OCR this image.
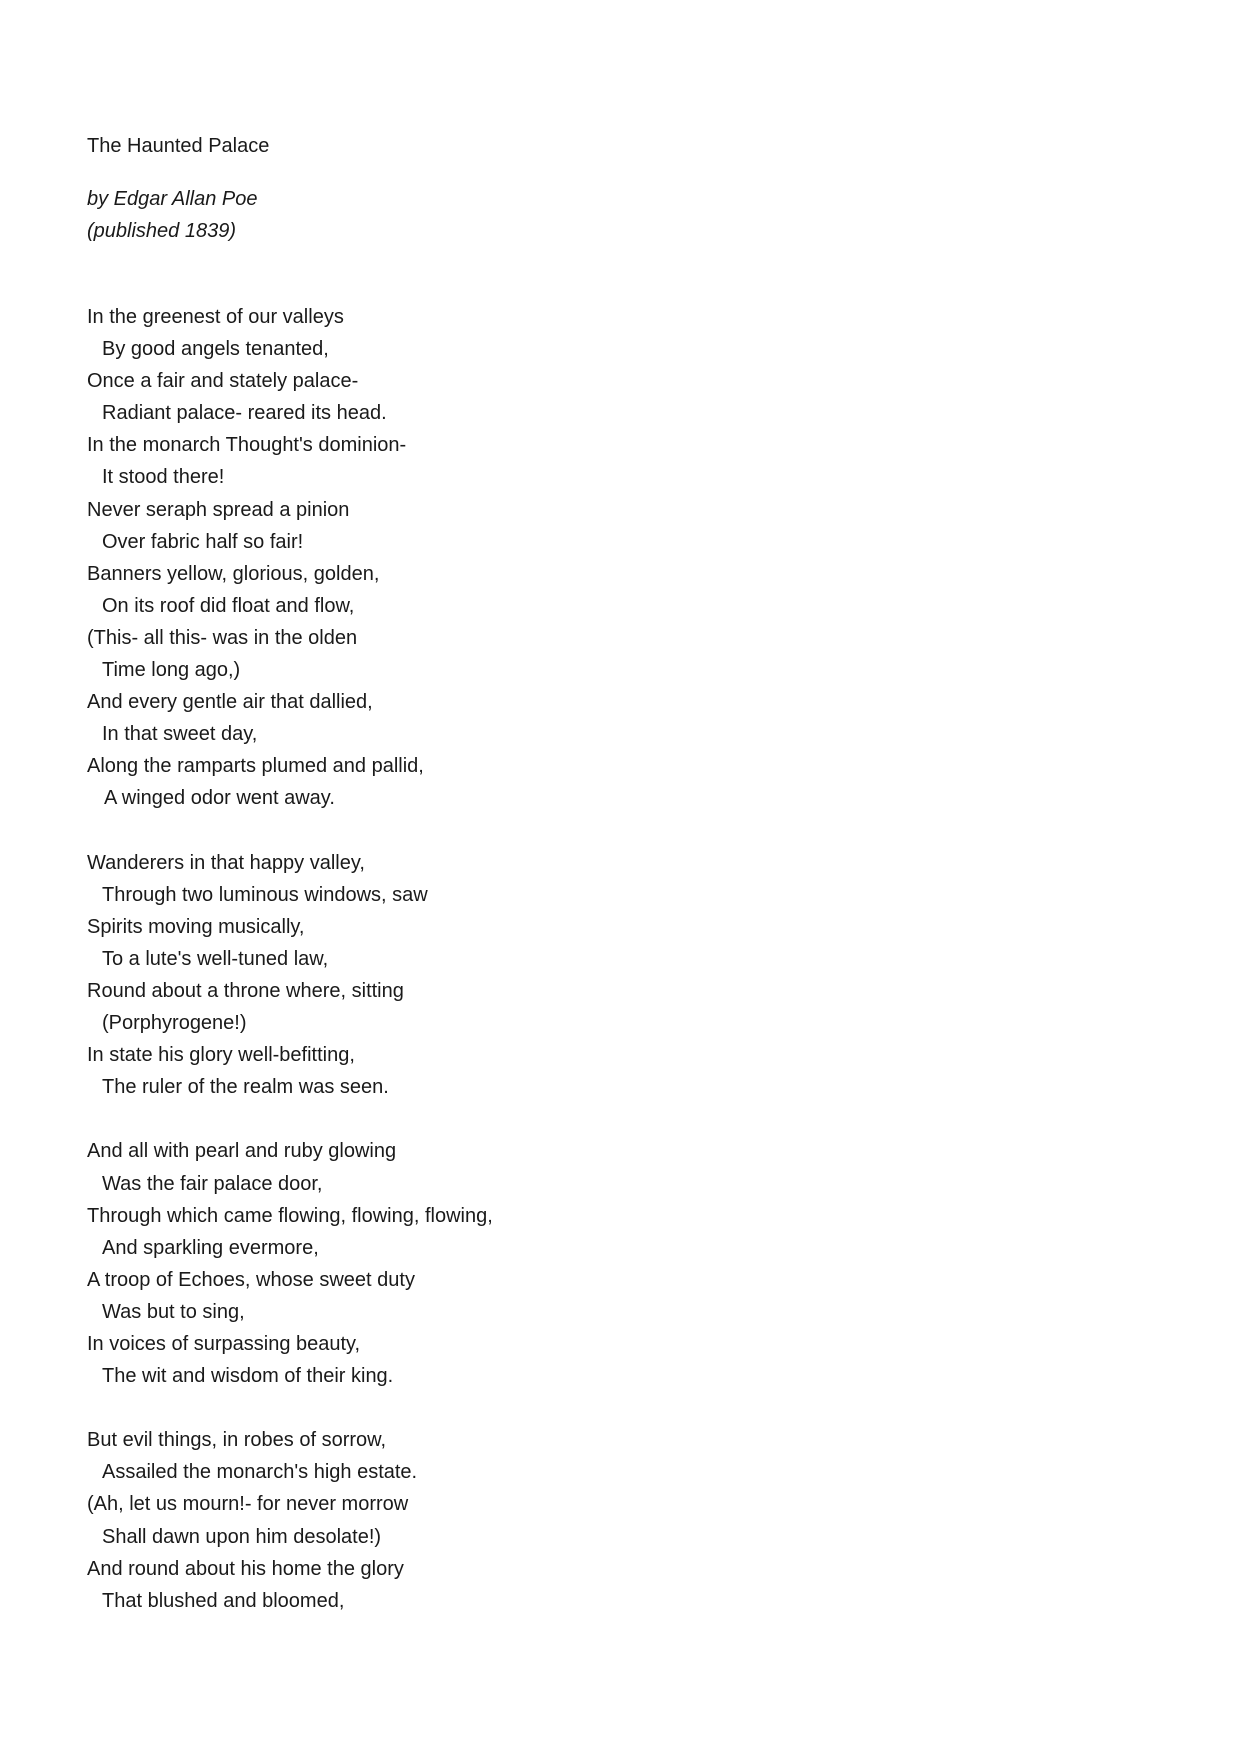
The Haunted Palace
by Edgar Allan Poe
(published 1839)
In the greenest of our valleys
By good angels tenanted,
Once a fair and stately palace-
Radiant palace- reared its head.
In the monarch Thought's dominion-
It stood there!
Never seraph spread a pinion
Over fabric half so fair!
Banners yellow, glorious, golden,
On its roof did float and flow,
(This- all this- was in the olden
Time long ago,)
And every gentle air that dallied,
In that sweet day,
Along the ramparts plumed and pallid,
A winged odor went away.
Wanderers in that happy valley,
Through two luminous windows, saw
Spirits moving musically,
To a lute's well-tuned law,
Round about a throne where, sitting
(Porphyrogene!)
In state his glory well-befitting,
The ruler of the realm was seen.
And all with pearl and ruby glowing
Was the fair palace door,
Through which came flowing, flowing, flowing,
And sparkling evermore,
A troop of Echoes, whose sweet duty
Was but to sing,
In voices of surpassing beauty,
The wit and wisdom of their king.
But evil things, in robes of sorrow,
Assailed the monarch's high estate.
(Ah, let us mourn!- for never morrow
Shall dawn upon him desolate!)
And round about his home the glory
That blushed and bloomed,
